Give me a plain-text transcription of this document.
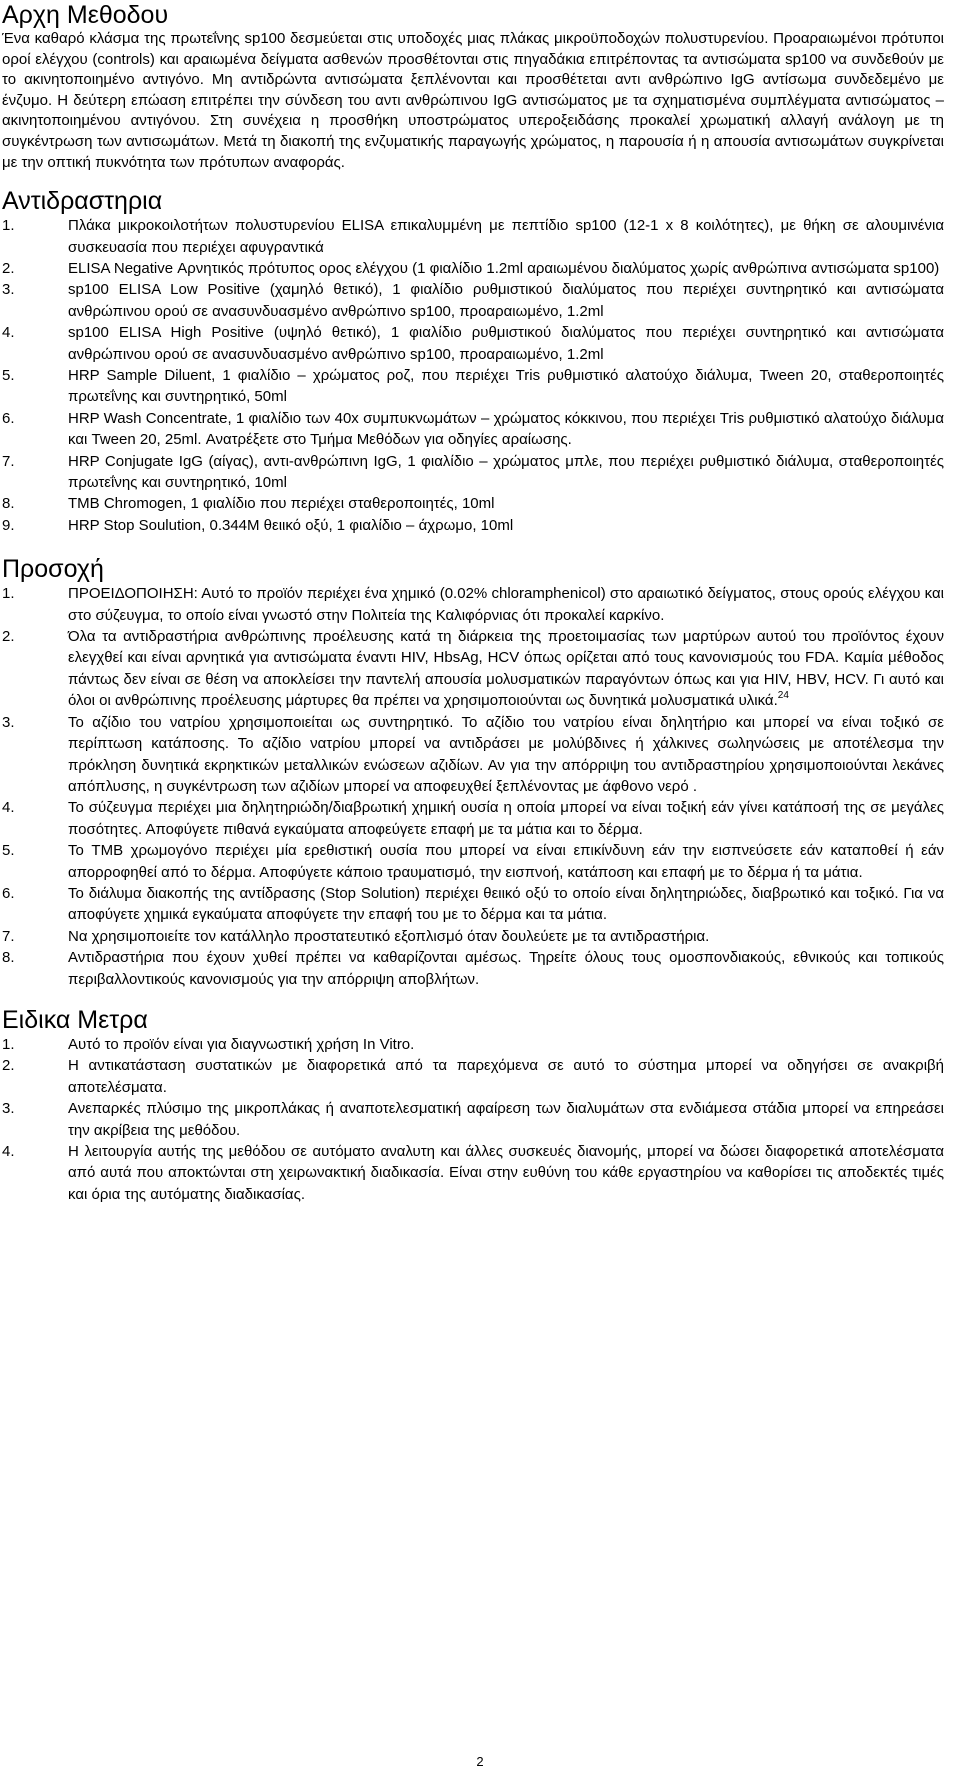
Αρχη Μεθοδου

Ένα καθαρό κλάσμα της πρωτεΐνης sp100 δεσμεύεται στις υποδοχές μιας πλάκας μικροϋποδοχών πολυστυρενίου. Προαραιωμένοι πρότυποι οροί ελέγχου (controls) και αραιωμένα δείγματα ασθενών προσθέτονται στις πηγαδάκια επιτρέποντας τα αντισώματα sp100 να συνδεθούν με το ακινητοποιημένο αντιγόνο. Μη αντιδρώντα αντισώματα ξεπλένονται και προσθέτεται αντι ανθρώπινο IgG αντίσωμα συνδεδεμένο με ένζυμο. Η δεύτερη επώαση επιτρέπει την σύνδεση του αντι ανθρώπινου IgG αντισώματος με τα σχηματισμένα συμπλέγματα αντισώματος – ακινητοποιημένου αντιγόνου. Στη συνέχεια η προσθήκη υποστρώματος υπεροξειδάσης προκαλεί χρωματική αλλαγή ανάλογη με τη συγκέντρωση των αντισωμάτων. Μετά τη διακοπή της ενζυματικής παραγωγής χρώματος, η παρουσία ή η απουσία αντισωμάτων συγκρίνεται με την οπτική πυκνότητα των πρότυπων αναφοράς.

Αντιδραστηρια
1.	Πλάκα μικροκοιλοτήτων πολυστυρενίου ELISA επικαλυμμένη με πεπτίδιο sp100 (12-1 x 8 κοιλότητες), με θήκη σε αλουμινένια συσκευασία που περιέχει αφυγραντικά
2.	ELISA Negative Αρνητικός πρότυπος ορος ελέγχου (1 φιαλίδιο 1.2ml αραιωμένου διαλύματος χωρίς ανθρώπινα αντισώματα sp100)
3.	sp100 ELISA Low Positive (χαμηλό θετικό), 1 φιαλίδιο ρυθμιστικού διαλύματος που περιέχει συντηρητικό και αντισώματα ανθρώπινου ορού σε ανασυνδυασμένο ανθρώπινο sp100, προαραιωμένο, 1.2ml
4.	sp100 ELISA High Positive (υψηλό θετικό), 1 φιαλίδιο ρυθμιστικού διαλύματος που περιέχει συντηρητικό και αντισώματα ανθρώπινου ορού σε ανασυνδυασμένο ανθρώπινο sp100, προαραιωμένο, 1.2ml
5.	HRP Sample Diluent, 1 φιαλίδιο – χρώματος ροζ, που περιέχει Tris ρυθμιστικό αλατούχο διάλυμα, Tween 20, σταθεροποιητές πρωτεΐνης και συντηρητικό, 50ml
6.	HRP Wash Concentrate, 1 φιαλίδιο των 40x συμπυκνωμάτων – χρώματος κόκκινου, που περιέχει Tris ρυθμιστικό αλατούχο διάλυμα και Tween 20, 25ml. Ανατρέξετε στο Τμήμα Μεθόδων για οδηγίες αραίωσης.
7.	HRP Conjugate IgG (αίγας), αντι-ανθρώπινη IgG, 1 φιαλίδιο – χρώματος μπλε, που περιέχει ρυθμιστικό διάλυμα, σταθεροποιητές πρωτεΐνης και συντηρητικό, 10ml
8.	TMB Chromogen, 1 φιαλίδιο που περιέχει σταθεροποιητές, 10ml
9.	HRP Stop Soulution, 0.344M θειικό οξύ, 1 φιαλίδιο – άχρωμο, 10ml
Προσοχή
1.	ΠΡΟΕΙΔΟΠΟΙΗΣΗ: Αυτό το προϊόν περιέχει ένα χημικό (0.02% chloramphenicol) στο αραιωτικό δείγματος, στους ορούς ελέγχου και στο σύζευγμα, το οποίο είναι γνωστό στην Πολιτεία της Καλιφόρνιας ότι προκαλεί καρκίνο.
2.	Όλα τα αντιδραστήρια ανθρώπινης προέλευσης κατά τη διάρκεια της προετοιμασίας των μαρτύρων αυτού του προϊόντος έχουν ελεγχθεί και είναι αρνητικά για αντισώματα έναντι HIV, HbsAg, HCV όπως ορίζεται από τους κανονισμούς του FDA. Καμία μέθοδος πάντως δεν είναι σε θέση να αποκλείσει την παντελή απουσία μολυσματικών παραγόντων όπως και για HIV, HBV, HCV. Γι αυτό και όλοι οι ανθρώπινης προέλευσης μάρτυρες θα πρέπει να χρησιμοποιούνται ως δυνητικά μολυσματικά υλικά.$^{24}$
3.	Το αζίδιο του νατρίου χρησιμοποιείται ως συντηρητικό. Το αζίδιο του νατρίου είναι δηλητήριο και μπορεί να είναι τοξικό σε περίπτωση κατάποσης. Το αζίδιο νατρίου μπορεί να αντιδράσει με μολύβδινες ή χάλκινες σωληνώσεις με αποτέλεσμα την πρόκληση δυνητικά εκρηκτικών μεταλλικών ενώσεων αζιδίων. Αν για την απόρριψη του αντιδραστηρίου χρησιμοποιούνται λεκάνες απόπλυσης, η συγκέντρωση των αζιδίων μπορεί να αποφευχθεί ξεπλένοντας με άφθονο νερό .
4.	Το σύζευγμα περιέχει μια δηλητηριώδη/διαβρωτική χημική ουσία η οποία μπορεί να είναι τοξική εάν γίνει κατάποσή της σε μεγάλες ποσότητες. Αποφύγετε πιθανά εγκαύματα αποφεύγετε επαφή με τα μάτια και το δέρμα.
5.	Το TMB χρωμογόνο περιέχει μία ερεθιστική ουσία που μπορεί να είναι επικίνδυνη εάν την εισπνεύσετε εάν καταποθεί ή εάν απορροφηθεί από το δέρμα. Αποφύγετε κάποιο τραυματισμό, την εισπνοή, κατάποση και επαφή με το δέρμα ή τα μάτια.
6.	Το διάλυμα διακοπής της αντίδρασης (Stop Solution) περιέχει θειικό οξύ το οποίο είναι δηλητηριώδες, διαβρωτικό και τοξικό. Για να αποφύγετε χημικά εγκαύματα αποφύγετε την επαφή του με το δέρμα και τα μάτια.
7.	Να χρησιμοποιείτε τον κατάλληλο προστατευτικό εξοπλισμό όταν δουλεύετε με τα αντιδραστήρια.
8.	Αντιδραστήρια που έχουν χυθεί πρέπει να καθαρίζονται αμέσως. Τηρείτε όλους τους ομοσπονδιακούς, εθνικούς και τοπικούς περιβαλλοντικούς κανονισμούς για την απόρριψη αποβλήτων.
Ειδικα Μετρα
1.	Αυτό το προϊόν είναι για διαγνωστική χρήση In Vitro.
2.	Η αντικατάσταση συστατικών με διαφορετικά από τα παρεχόμενα σε αυτό το σύστημα μπορεί να οδηγήσει σε ανακριβή αποτελέσματα.
3.	Ανεπαρκές πλύσιμο της μικροπλάκας ή αναποτελεσματική αφαίρεση των διαλυμάτων στα ενδιάμεσα στάδια μπορεί να επηρεάσει την ακρίβεια της μεθόδου.
4.	Η λειτουργία αυτής της μεθόδου σε αυτόματο αναλυτη και άλλες συσκευές διανομής, μπορεί να δώσει διαφορετικά αποτελέσματα από αυτά που αποκτώνται στη χειρωνακτική διαδικασία. Είναι στην ευθύνη του κάθε εργαστηρίου να καθορίσει τις αποδεκτές τιμές και όρια της αυτόματης διαδικασίας.
2
